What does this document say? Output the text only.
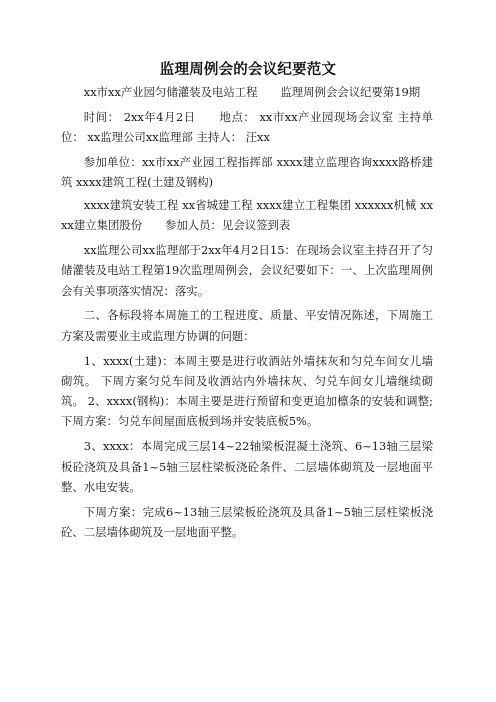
监理周例会的会议纪要范文

xx市xx产业园匀储灌装及电站工程　　监理周例会会议纪要第19期

时间： 2xx年4月2日　　地点： xx市xx产业园现场会议室 主持单位： xx监理公司xx监理部 主持人： 汪xx

参加单位：xx市xx产业园工程指挥部 xxxx建立监理咨询xxxx路桥建筑 xxxx建筑工程(土建及钢构)

xxxx建筑安装工程 xx省城建工程 xxxx建立工程集团 xxxxxx机械 xxxx建立集团股份　　参加人员：见会议签到表

xx监理公司xx监理部于2xx年4月2日15：在现场会议室主持召开了匀储灌装及电站工程第19次监理周例会，会议纪要如下：一、上次监理周例会有关事项落实情况：落实。

二、各标段将本周施工的工程进度、质量、平安情况陈述，下周施工方案及需要业主或监理方协调的问题：

1、xxxx(土建)：本周主要是进行收酒站外墙抹灰和匀兑车间女儿墙砌筑。 下周方案匀兑车间及收酒站内外墙抹灰、匀兑车间女儿墙继续砌筑。 2、xxxx(钢构)：本周主要是进行预留和变更追加檩条的安装和调整; 下周方案：匀兑车间屋面底板到场并安装底板5%。

3、xxxx：本周完成三层14~22轴梁板混凝土浇筑、6~13轴三层梁板砼浇筑及具备1~5轴三层柱梁板浇砼条件、二层墙体砌筑及一层地面平整、水电安装。

下周方案：完成6~13轴三层梁板砼浇筑及具备1~5轴三层柱梁板浇砼、二层墙体砌筑及一层地面平整。
